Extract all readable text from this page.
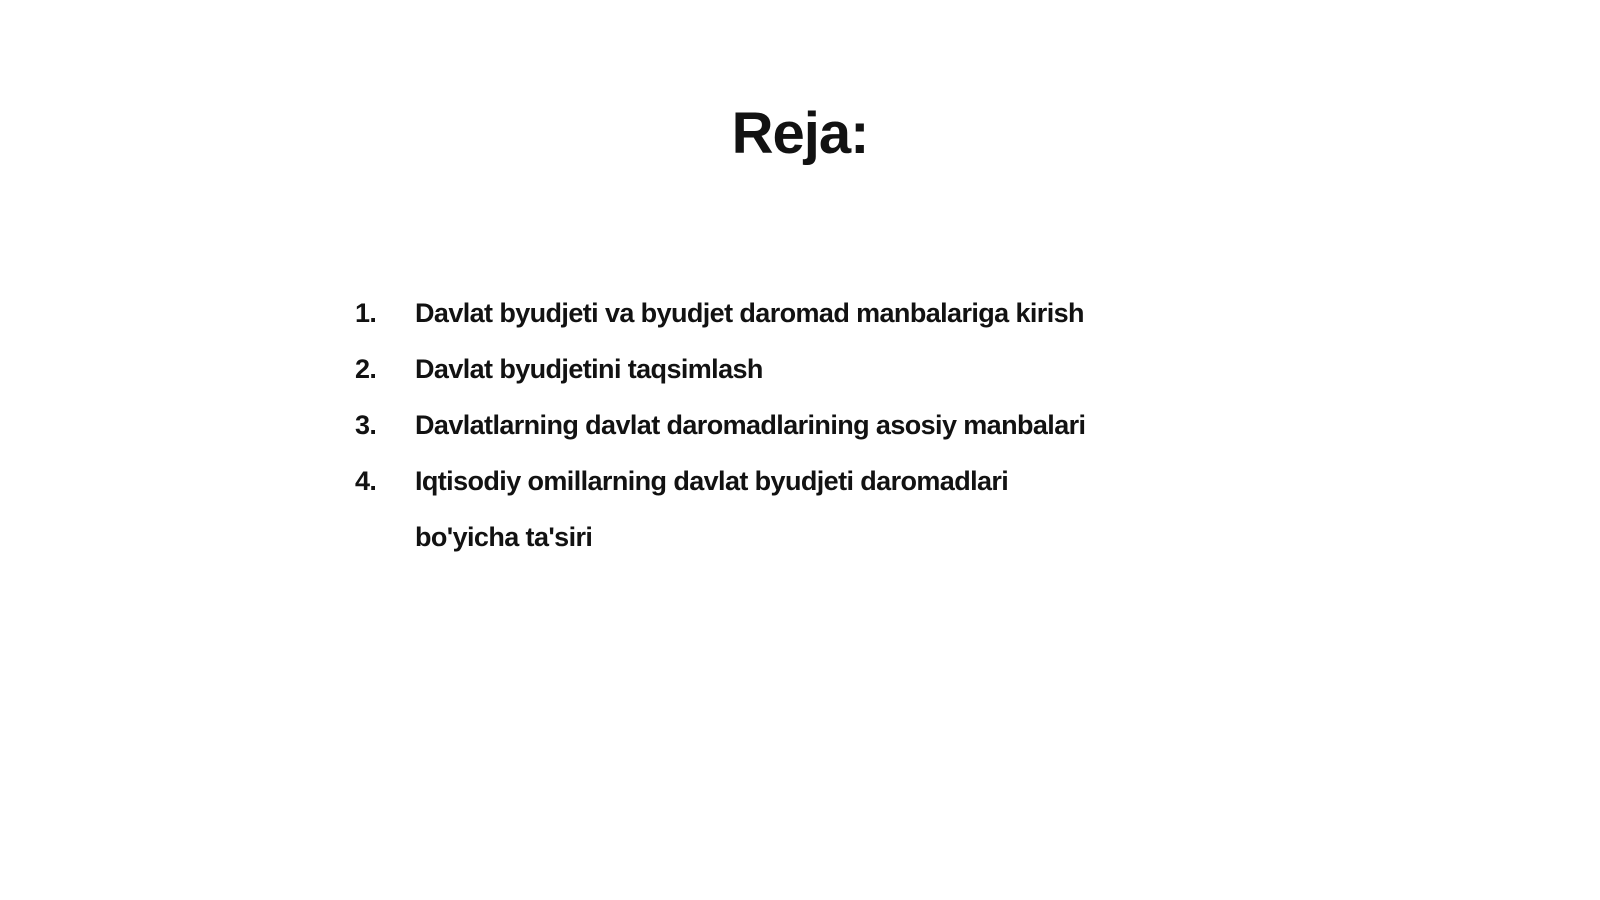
Reja:
1.	Davlat byudjeti va byudjet daromad manbalariga kirish
2.	Davlat byudjetini taqsimlash
3.	Davlatlarning davlat daromadlarining asosiy manbalari
4.	Iqtisodiy omillarning davlat byudjeti daromadlari bo'yicha ta'siri
